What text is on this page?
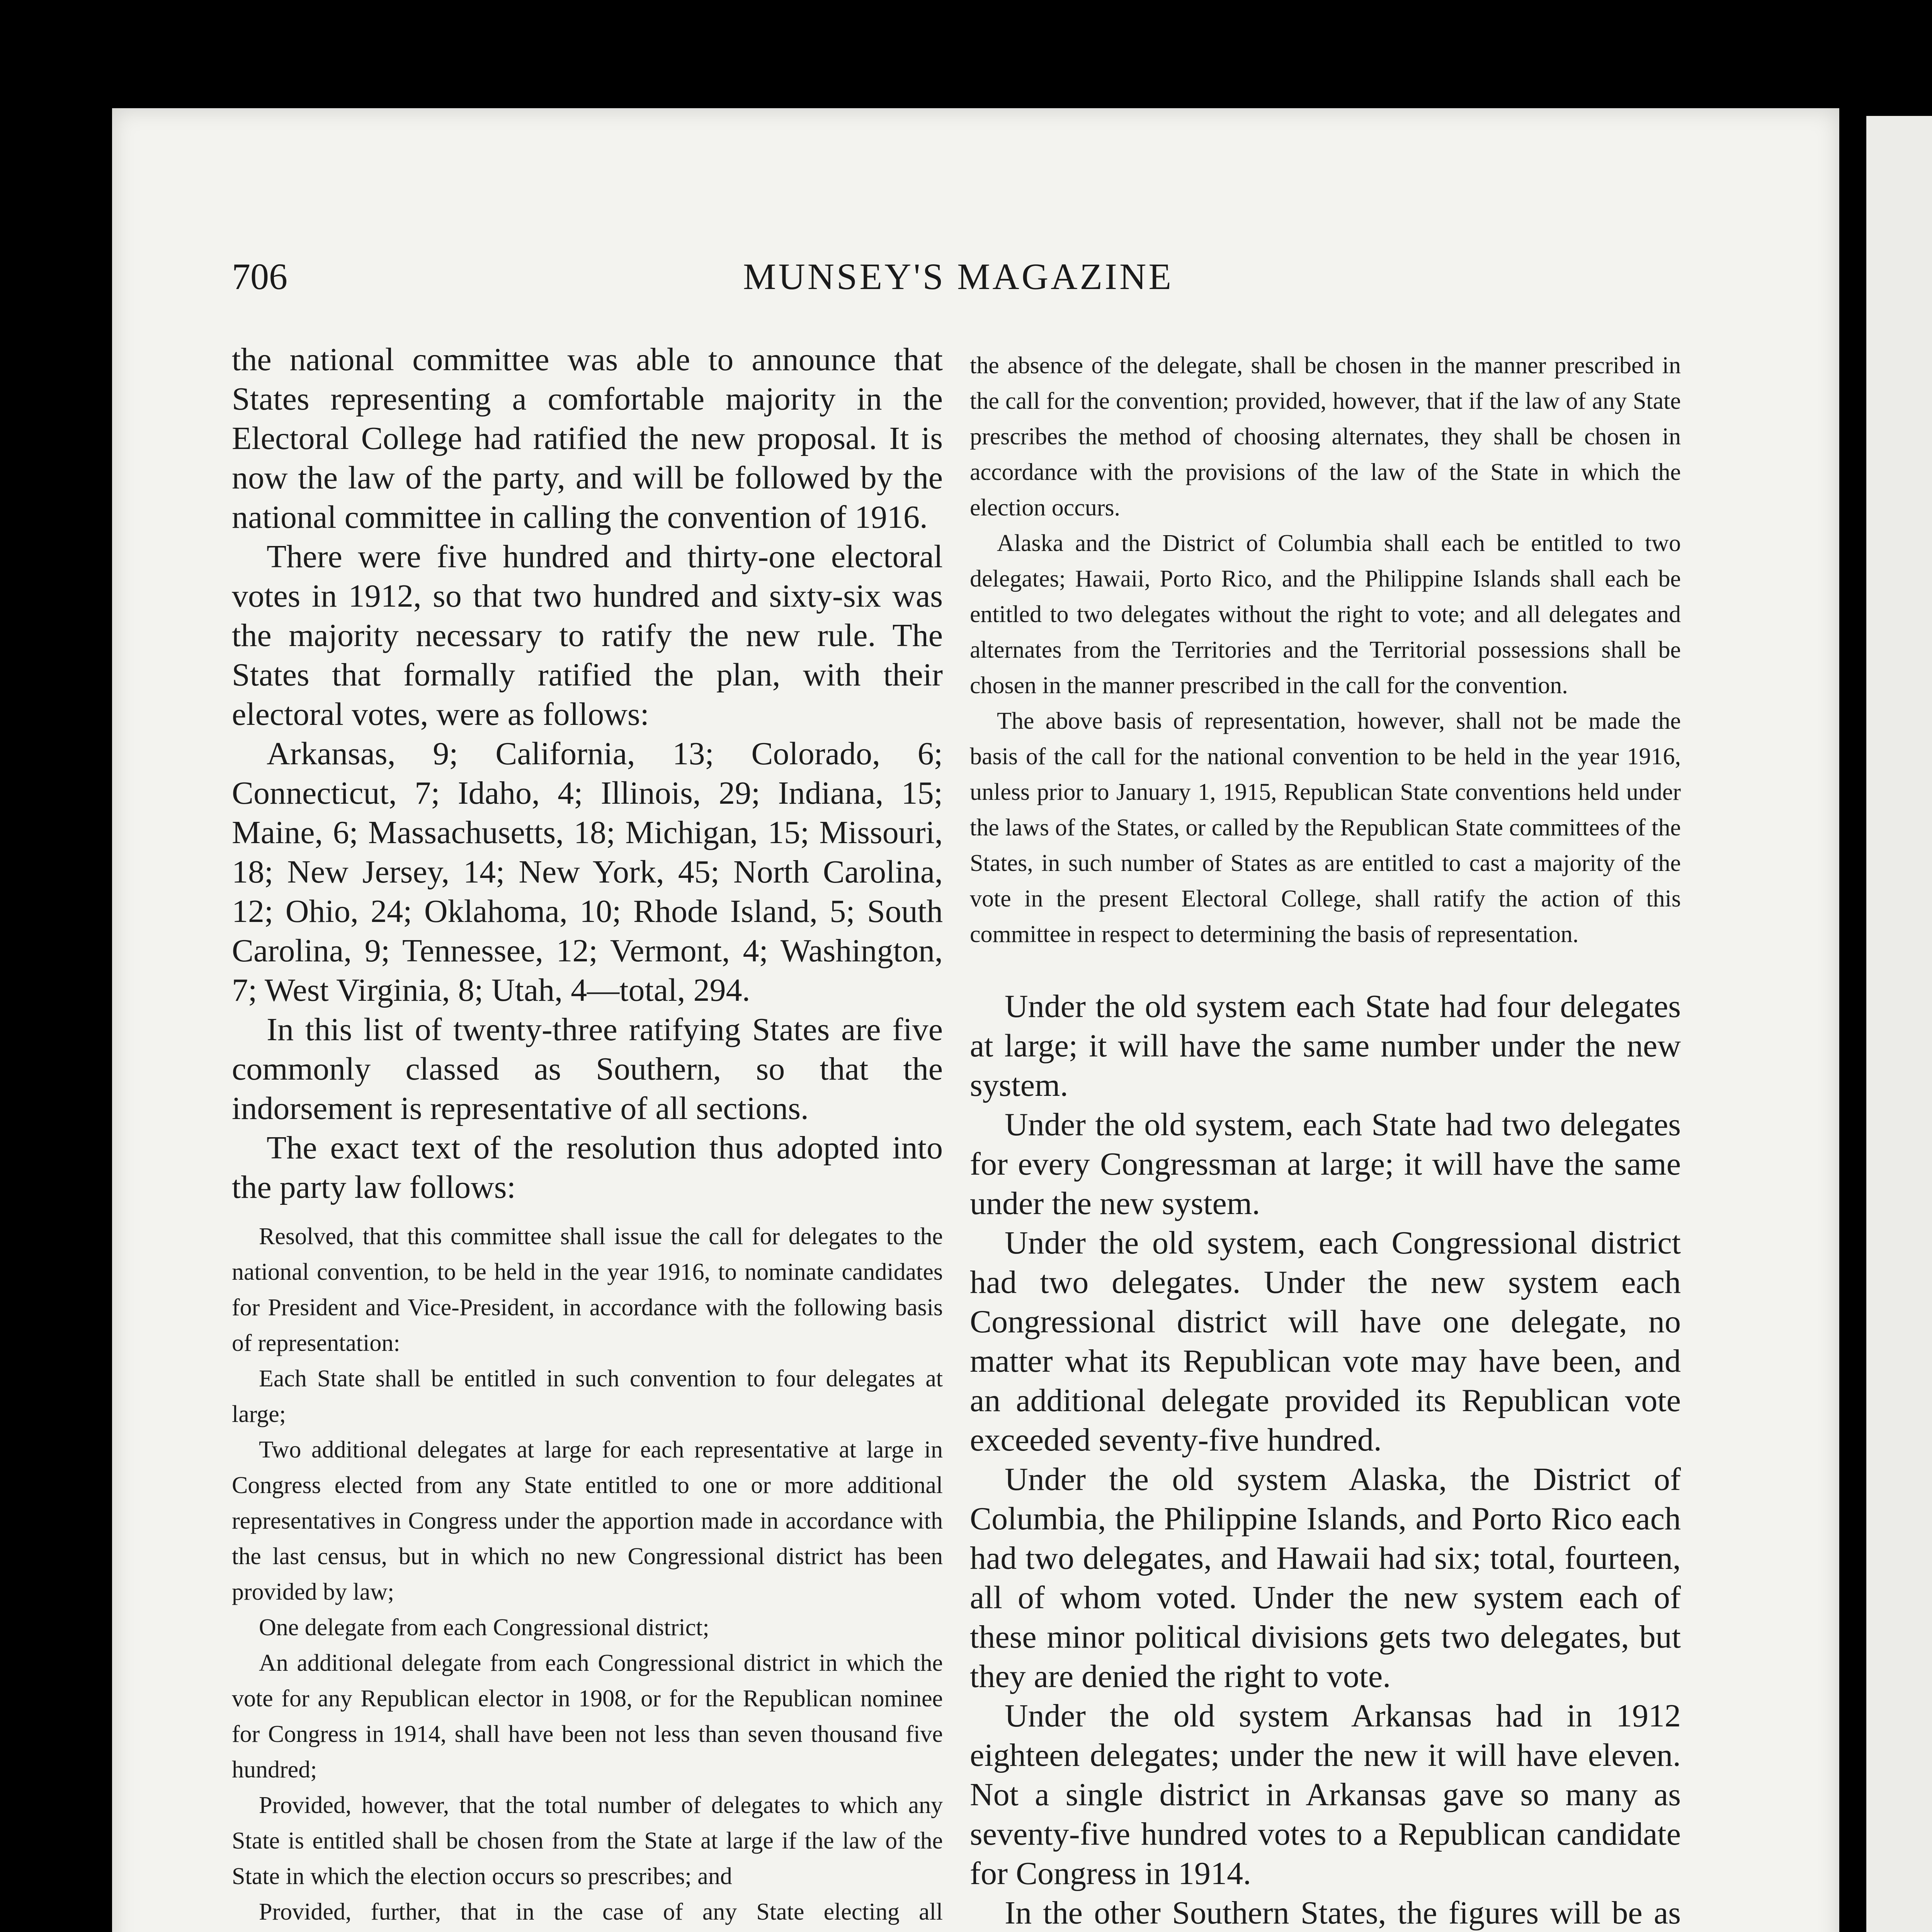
706	MUNSEY'S MAGAZINE

the national committee was able to announce that States representing a comfortable majority in the Electoral College had ratified the new proposal. It is now the law of the party, and will be followed by the national committee in calling the convention of 1916.

There were five hundred and thirty-one electoral votes in 1912, so that two hundred and sixty-six was the majority necessary to ratify the new rule. The States that formally ratified the plan, with their electoral votes, were as follows:

Arkansas, 9; California, 13; Colorado, 6; Connecticut, 7; Idaho, 4; Illinois, 29; Indiana, 15; Maine, 6; Massachusetts, 18; Michigan, 15; Missouri, 18; New Jersey, 14; New York, 45; North Carolina, 12; Ohio, 24; Oklahoma, 10; Rhode Island, 5; South Carolina, 9; Tennessee, 12; Vermont, 4; Washington, 7; West Virginia, 8; Utah, 4—total, 294.

In this list of twenty-three ratifying States are five commonly classed as Southern, so that the indorsement is representative of all sections.

The exact text of the resolution thus adopted into the party law follows:

Resolved, that this committee shall issue the call for delegates to the national convention, to be held in the year 1916, to nominate candidates for President and Vice-President, in accordance with the following basis of representation:

Each State shall be entitled in such convention to four delegates at large;

Two additional delegates at large for each representative at large in Congress elected from any State entitled to one or more additional representatives in Congress under the apportion made in accordance with the last census, but in which no new Congressional district has been provided by law;

One delegate from each Congressional district;

An additional delegate from each Congressional district in which the vote for any Republican elector in 1908, or for the Republican nominee for Congress in 1914, shall have been not less than seven thousand five hundred;

Provided, however, that the total number of delegates to which any State is entitled shall be chosen from the State at large if the law of the State in which the election occurs so prescribes; and

Provided, further, that in the case of any State electing all

the absence of the delegate, shall be chosen in the manner prescribed in the call for the convention; provided, however, that if the law of any State prescribes the method of choosing alternates, they shall be chosen in accordance with the provisions of the law of the State in which the election occurs.

Alaska and the District of Columbia shall each be entitled to two delegates; Hawaii, Porto Rico, and the Philippine Islands shall each be entitled to two delegates without the right to vote; and all delegates and alternates from the Territories and the Territorial possessions shall be chosen in the manner prescribed in the call for the convention.

The above basis of representation, however, shall not be made the basis of the call for the national convention to be held in the year 1916, unless prior to January 1, 1915, Republican State conventions held under the laws of the States, or called by the Republican State committees of the States, in such number of States as are entitled to cast a majority of the vote in the present Electoral College, shall ratify the action of this committee in respect to determining the basis of representation.

Under the old system each State had four delegates at large; it will have the same number under the new system.

Under the old system, each State had two delegates for every Congressman at large; it will have the same under the new system.

Under the old system, each Congressional district had two delegates. Under the new system each Congressional district will have one delegate, no matter what its Republican vote may have been, and an additional delegate provided its Republican vote exceeded seventy-five hundred.

Under the old system Alaska, the District of Columbia, the Philippine Islands, and Porto Rico each had two delegates, and Hawaii had six; total, fourteen, all of whom voted. Under the new system each of these minor political divisions gets two delegates, but they are denied the right to vote.

Under the old system Arkansas had in 1912 eighteen delegates; under the new it will have eleven. Not a single district in Arkansas gave so many as seventy-five hundred votes to a Republican candidate for Congress in 1914.

In the other Southern States, the figures will be as
